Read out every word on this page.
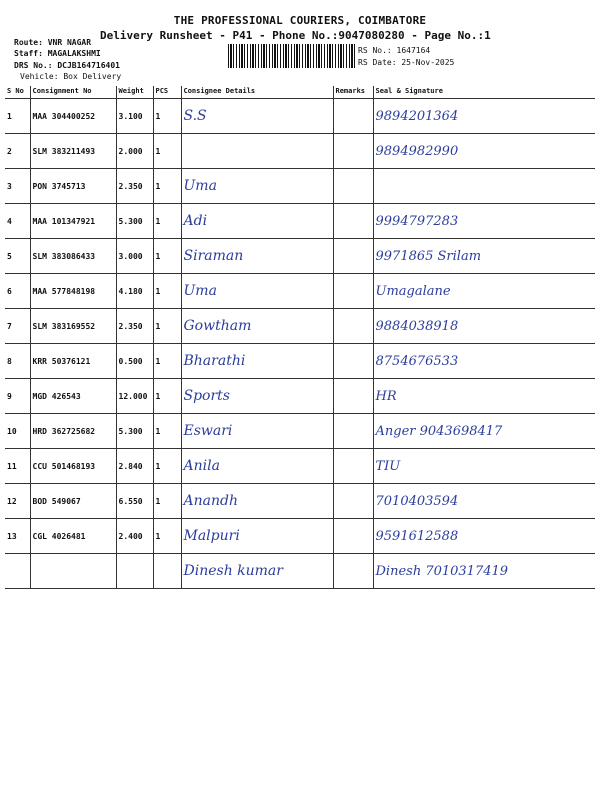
THE PROFESSIONAL COURIERS, COIMBATORE
Delivery Runsheet - P41 - Phone No.:9047080280 - Page No.:1
Route: VNR NAGAR
Staff: MAGALAKSHMI
DRS No.: DCJB164716401
Vehicle: Box Delivery
RS No.: 1647164
RS Date: 25-Nov-2025
S No	Consignment No	Weight	PCS	Consignee Details	Remarks	Seal & Signature
1	MAA 304400252	3.100	1	S.S		9894201364
2	SLM 383211493	2.000	1			9894982990
3	PON 3745713	2.350	1	Uma		
4	MAA 101347921	5.300	1	Adi		9994797283
5	SLM 383086433	3.000	1	Siraman		9971865 Srilam
6	MAA 577848198	4.180	1	Uma		Umagalane
7	SLM 383169552	2.350	1	Gowtham		9884038918
8	KRR 50376121	0.500	1	Bharathi		8754676533
9	MGD 426543	12.000	1	Sports		HR
10	HRD 362725682	5.300	1	Eswari		Anger 9043698417
11	CCU 501468193	2.840	1	Anila		TIU
12	BOD 549067	6.550	1	Anandh		7010403594
13	CGL 4026481	2.400	1	Malpuri		9591612588
				Dinesh kumar		Dinesh 7010317419
